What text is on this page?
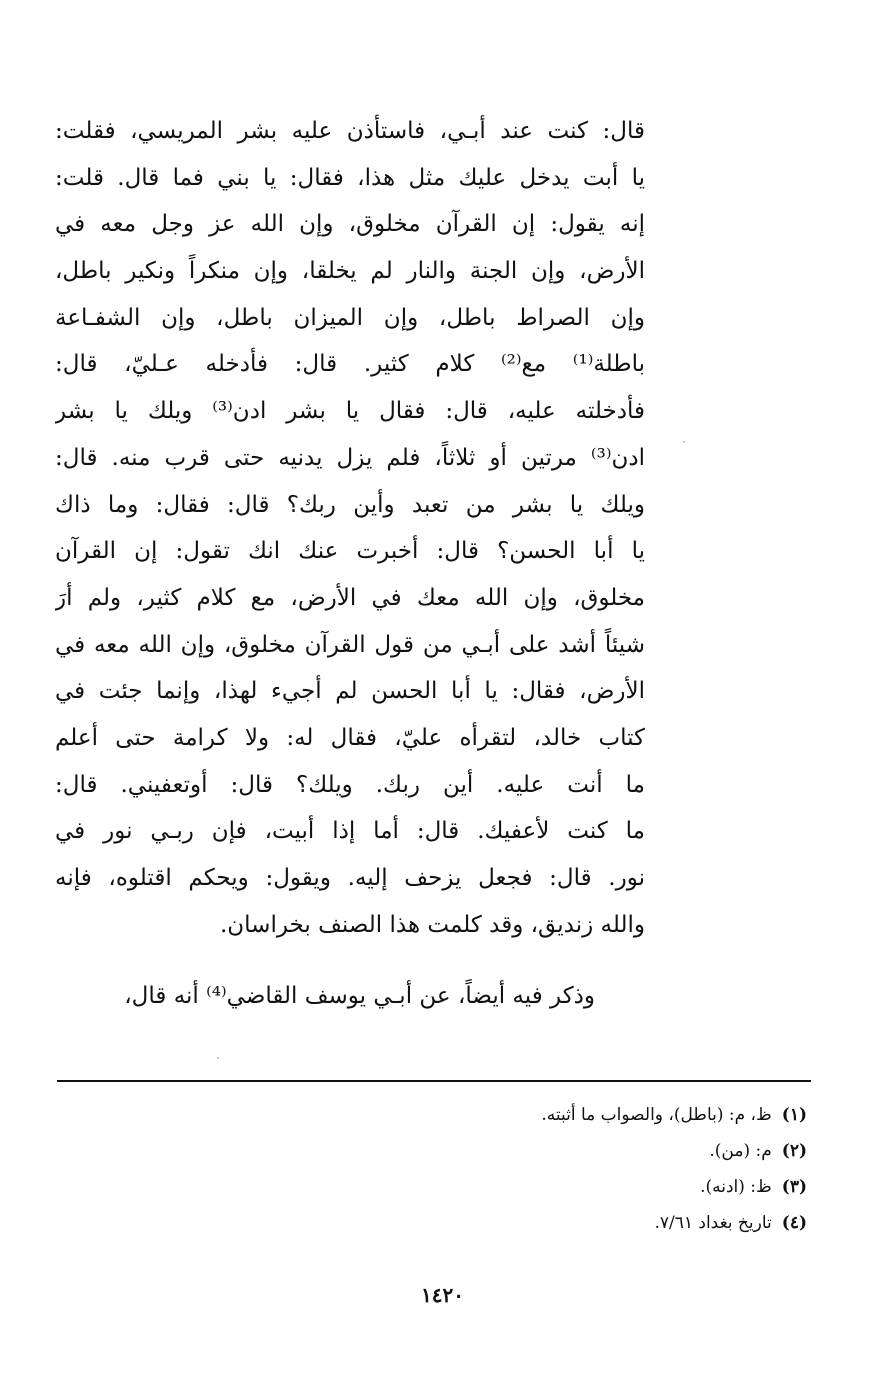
قال: كنت عند أبـي، فاستأذن عليه بشر المريسي، فقلت:
يا أبت يدخل عليك مثل هذا، فقال: يا بني فما قال. قلت:
إنه يقول: إن القرآن مخلوق، وإن الله عز وجل معه في
الأرض، وإن الجنة والنار لم يخلقا، وإن منكراً ونكير باطل،
وإن الصراط باطل، وإن الميزان باطل، وإن الشفـاعة
باطلة⁽¹⁾ مع⁽²⁾ كلام كثير. قال: فأدخله عـليّ، قال:
فأدخلته عليه، قال: فقال يا بشر ادن⁽³⁾ ويلك يا بشر
ادن⁽³⁾ مرتين أو ثلاثاً، فلم يزل يدنيه حتى قرب منه. قال:
ويلك يا بشر من تعبد وأين ربك؟ قال: فقال: وما ذاك
يا أبا الحسن؟ قال: أخبرت عنك انك تقول: إن القرآن
مخلوق، وإن الله معك في الأرض، مع كلام كثير، ولم أرَ
شيئاً أشد على أبـي من قول القرآن مخلوق، وإن الله معه في
الأرض، فقال: يا أبا الحسن لم أجيء لهذا، وإنما جئت في
كتاب خالد، لتقرأه عليّ، فقال له: ولا كرامة حتى أعلم
ما أنت عليه. أين ربك. ويلك؟ قال: أوتعفيني. قال:
ما كنت لأعفيك. قال: أما إذا أبيت، فإن ربـي نور في
نور. قال: فجعل يزحف إليه. ويقول: ويحكم اقتلوه، فإنه
والله زنديق، وقد كلمت هذا الصنف بخراسان.
وذكر فيه أيضاً، عن أبـي يوسف القاضي⁽⁴⁾ أنه قال،
(١)ظ، م: (باطل)، والصواب ما أثبته.
(٢)م: (من).
(٣)ظ: (ادنه).
(٤)تاريخ بغداد ٧/٦١.
١٤٢٠
